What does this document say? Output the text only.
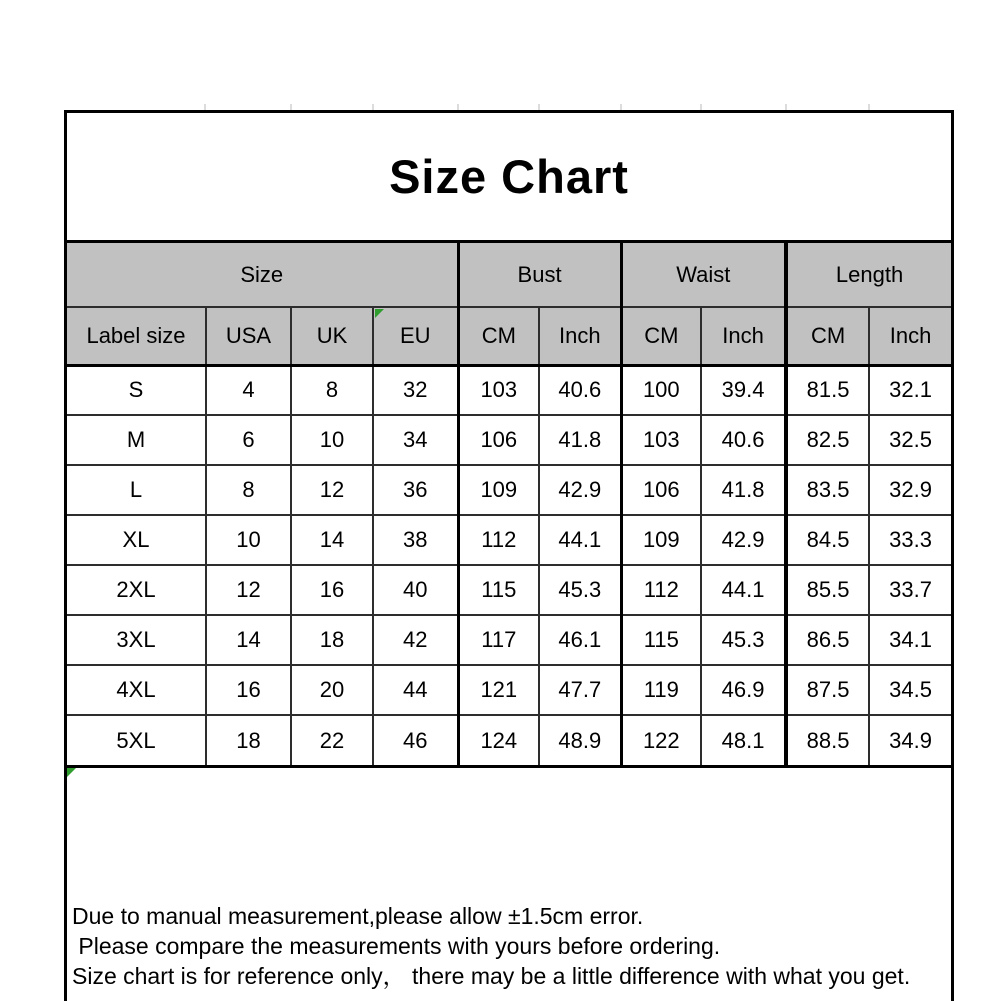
Size Chart
Size				Bust		Waist		Length	
Label size	USA	UK	EU	CM	Inch	CM	Inch	CM	Inch
S	4	8	32	103	40.6	100	39.4	81.5	32.1
M	6	10	34	106	41.8	103	40.6	82.5	32.5
L	8	12	36	109	42.9	106	41.8	83.5	32.9
XL	10	14	38	112	44.1	109	42.9	84.5	33.3
2XL	12	16	40	115	45.3	112	44.1	85.5	33.7
3XL	14	18	42	117	46.1	115	45.3	86.5	34.1
4XL	16	20	44	121	47.7	119	46.9	87.5	34.5
5XL	18	22	46	124	48.9	122	48.1	88.5	34.9

Due to manual measurement,please allow ±1.5cm error.
Please compare the measurements with yours before ordering.
Size chart is for reference only， there may be a little difference with what you get.
